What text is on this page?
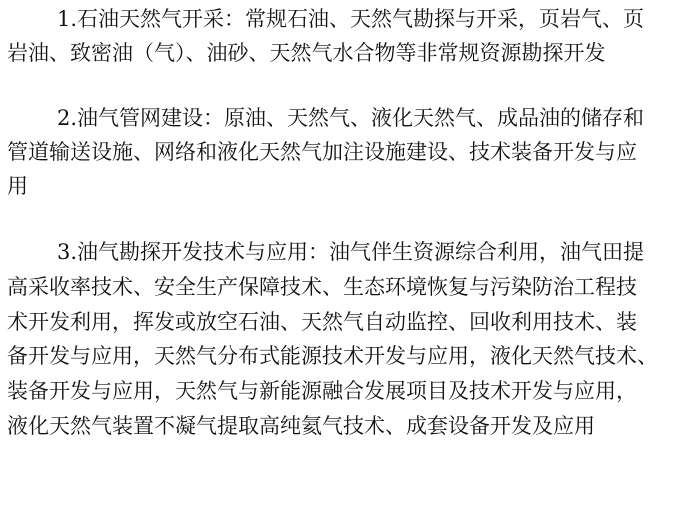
1.石油天然气开采：常规石油、天然气勘探与开采，页岩气、页
岩油、致密油（气）、油砂、天然气水合物等非常规资源勘探开发
2.油气管网建设：原油、天然气、液化天然气、成品油的储存和
管道输送设施、网络和液化天然气加注设施建设、技术装备开发与应
用
3.油气勘探开发技术与应用：油气伴生资源综合利用，油气田提
高采收率技术、安全生产保障技术、生态环境恢复与污染防治工程技
术开发利用，挥发或放空石油、天然气自动监控、回收利用技术、装
备开发与应用，天然气分布式能源技术开发与应用，液化天然气技术、
装备开发与应用，天然气与新能源融合发展项目及技术开发与应用，
液化天然气装置不凝气提取高纯氦气技术、成套设备开发及应用
